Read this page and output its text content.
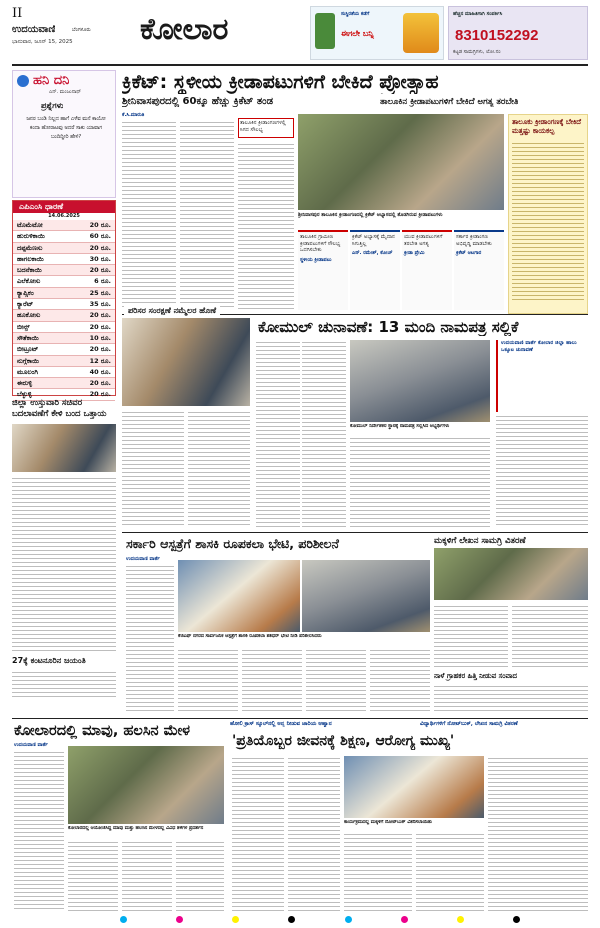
II
ಉದಯವಾಣಿ	ಬೆಂಗಳೂರು
ಭಾನುವಾರ, ಜೂನ್ 15, 2025 ಕೋಲಾರ	ಸುಸ್ಥಿರತೆಯ ಕಡೆಗೆ
ಈಗಲೇ ಬನ್ನಿ
ಹೆಚ್ಚಿನ ಮಾಹಿತಿಗಾಗಿ ಸಂಪರ್ಕಿಸಿ
8310152292
ಕಟ್ಟಡ ಸಾಮಗ್ರಿಗಳು, ಲೋ.ನಂ
ಹನಿ ದನಿ
ಎನ್. ಮಂಜುನಾಥ್
ಪ್ರಶ್ನೆಗಳು
ಜನರ ಬಂಡಿ ನಿಲ್ಲದ ಹಾಗೆ ಎಳೆವ ಮನೆ ಕಾಯೋ ಕಂದಾ ಹೋರಾಟವು ಅದರೆ ಸಾಕು ಯಾವಾಗ ಬಂದಿದ್ದೀರಿ ಹೇಳಿ?
ಎಪಿಎಂಸಿ ಧಾರಣೆ
14.06.2025
ಟೊಮೆಟೋ	20 ರೂ.
ಹುರುಳಿಕಾಯಿ	60 ರೂ.
ದಪ್ಪಮೆಣಸು	20 ರೂ.
ಹಾಗಲಕಾಯಿ	30 ರೂ.
ಬದನೆಕಾಯಿ	20 ರೂ.
ಎಲೆಕೋಸು	6 ರೂ.
ಕ್ಯಾಪ್ಸಿಕಂ	25 ರೂ.
ಕ್ಯಾರೆಟ್	35 ರೂ.
ಹೂಕೋಸು	20 ರೂ.
ಬೀನ್ಸ್	20 ರೂ.
ಸೌತೆಕಾಯಿ	10 ರೂ.
ಬೀಟ್ರೂಟ್	20 ರೂ.
ನುಗ್ಗೆಕಾಯಿ	12 ರೂ.
ಮೂಲಂಗಿ	40 ರೂ.
ಈರುಳ್ಳಿ	20 ರೂ.
ಬೆಳ್ಳುಳ್ಳಿ	20 ರೂ.
ಜಿಲ್ಲಾ ಉಸ್ತುವಾರಿ ಸಚಿವರ ಬದಲಾವಣೆಗೆ ಕೇಳಿ ಬಂದ ಒತ್ತಾಯ
27ಕ್ಕೆ ಕಂಟನೂರಿನ ಜಯಂತಿ
ಕ್ರಿಕೆಟ್: ಸ್ಥಳೀಯ ಕ್ರೀಡಾಪಟುಗಳಿಗೆ ಬೇಕಿದೆ ಪ್ರೋತ್ಸಾಹ
ಶ್ರೀನಿವಾಸಪುರದಲ್ಲಿ 60ಕ್ಕೂ ಹೆಚ್ಚು ಕ್ರಿಕೆಟ್ ತಂಡ	ತಾಲೂಕಿನ ಕ್ರೀಡಾಪಟುಗಳಿಗೆ ಬೇಕಿದೆ ಅಗತ್ಯ ತರಬೇತಿ
ಕೆ.ಸಿ.ಮಾರುತಿ
ತಾಲೂಕಿನ ಕ್ರೀಡಾಂಗಣಗಳಲ್ಲಿ ಸಿಗದ ಸೌಲಭ್ಯ
ಶ್ರೀನಿವಾಸಪುರ ತಾಲೂಕಿನ ಕ್ರೀಡಾಂಗಣದಲ್ಲಿ ಕ್ರಿಕೆಟ್ ಅಭ್ಯಾಸದಲ್ಲಿ ತೊಡಗಿರುವ ಕ್ರೀಡಾಪಟುಗಳು
ತಾಲೂಕು ಕ್ರೀಡಾಂಗಣಕ್ಕೆ ಬೇಕಿದೆ ಮತ್ತಷ್ಟು ಕಾಯಕಲ್ಪ
ತಾಲೂಕಿನ ಗ್ರಾಮೀಣ ಕ್ರೀಡಾಪಟುಗಳಿಗೆ ಸೌಲಭ್ಯ ಒದಗಿಸಬೇಕು
ಸ್ಥಳೀಯ ಕ್ರೀಡಾಪಟು
ಕ್ರಿಕೆಟ್ ಅಭ್ಯಾಸಕ್ಕೆ ಮೈದಾನ ಸಿಗುತ್ತಿಲ್ಲ
ಎನ್. ರಮೇಶ್, ಕೋಚ್
ಯುವ ಕ್ರೀಡಾಪಟುಗಳಿಗೆ ತರಬೇತಿ ಅಗತ್ಯ
ಕ್ರೀಡಾ ಪ್ರೇಮಿ
ಸರ್ಕಾರ ಕ್ರೀಡಾಂಗಣ ಅಭಿವೃದ್ಧಿ ಮಾಡಬೇಕು
ಕ್ರಿಕೆಟ್ ಆಟಗಾರ
ಪರಿಸರ ಸಂರಕ್ಷಣೆ ನಮ್ಮೆಲರ ಹೊಣೆ
ಕೋಮುಲ್ ಚುನಾವಣೆ: 13 ಮಂದಿ ನಾಮಪತ್ರ ಸಲ್ಲಿಕೆ
ಕೋಮುಲ್ ನಿರ್ದೇಶಕರ ಸ್ಥಾನಕ್ಕೆ ನಾಮಪತ್ರ ಸಲ್ಲಿಸಿದ ಅಭ್ಯರ್ಥಿಗಳು
ಉದಯವಾಣಿ ವಾರ್ತೆ ಕೋಲಾರ ಜಿಲ್ಲಾ ಹಾಲು ಒಕ್ಕೂಟ ಚುನಾವಣೆ
ಸರ್ಕಾರಿ ಆಸ್ಪತ್ರೆಗೆ ಶಾಸಕಿ ರೂಪಕಲಾ ಭೇಟಿ, ಪರಿಶೀಲನೆ
ಉದಯವಾಣಿ ವಾರ್ತೆ
ಕೆಜಿಎಫ್ ನಗರದ ಸಾರ್ವಜನಿಕ ಆಸ್ಪತ್ರೆಗೆ ಶಾಸಕಿ ರೂಪಕಲಾ ಶಶಿಧರ್ ಭೇಟಿ ನೀಡಿ ಪರಿಶೀಲಿಸಿದರು
ಮಕ್ಕಳಿಗೆ ಲೇಖನ ಸಾಮಗ್ರಿ ವಿತರಣೆ
ನಾಳೆ ಗ್ರಾಹಕರ ಹಿತ್ತಿ ನೀಡುವ ಸಂವಾದ
ಕೋಲಾರದಲ್ಲಿ ಮಾವು, ಹಲಸಿನ ಮೇಳ
ಉದಯವಾಣಿ ವಾರ್ತೆ
ಕೋಲಾರದಲ್ಲಿ ಆಯೋಜಿಸಿದ್ದ ಮಾವು ಮತ್ತು ಹಲಸಿನ ಮೇಳದಲ್ಲಿ ವಿವಿಧ ತಳಿಗಳ ಪ್ರದರ್ಶನ
ಹೋಲಿ ಕ್ರಾಸ್ ಸ್ಕೂಲ್‌ನಲ್ಲಿ ಅನ್ನ ನೀಡುವ ಜಾರಿಯ ಆಹ್ವಾನ	ವಿದ್ಯಾರ್ಥಿಗಳಿಗೆ ನೋಟ್‌ಬುಕ್, ಲೇಖನ ಸಾಮಗ್ರಿ ವಿತರಣೆ
'ಪ್ರತಿಯೊಬ್ಬರ ಜೀವನಕ್ಕೆ ಶಿಕ್ಷಣ, ಆರೋಗ್ಯ ಮುಖ್ಯ'
ಕಾರ್ಯಕ್ರಮದಲ್ಲಿ ಮಕ್ಕಳಿಗೆ ನೋಟ್‌ಬುಕ್ ವಿತರಿಸಲಾಯಿತು
